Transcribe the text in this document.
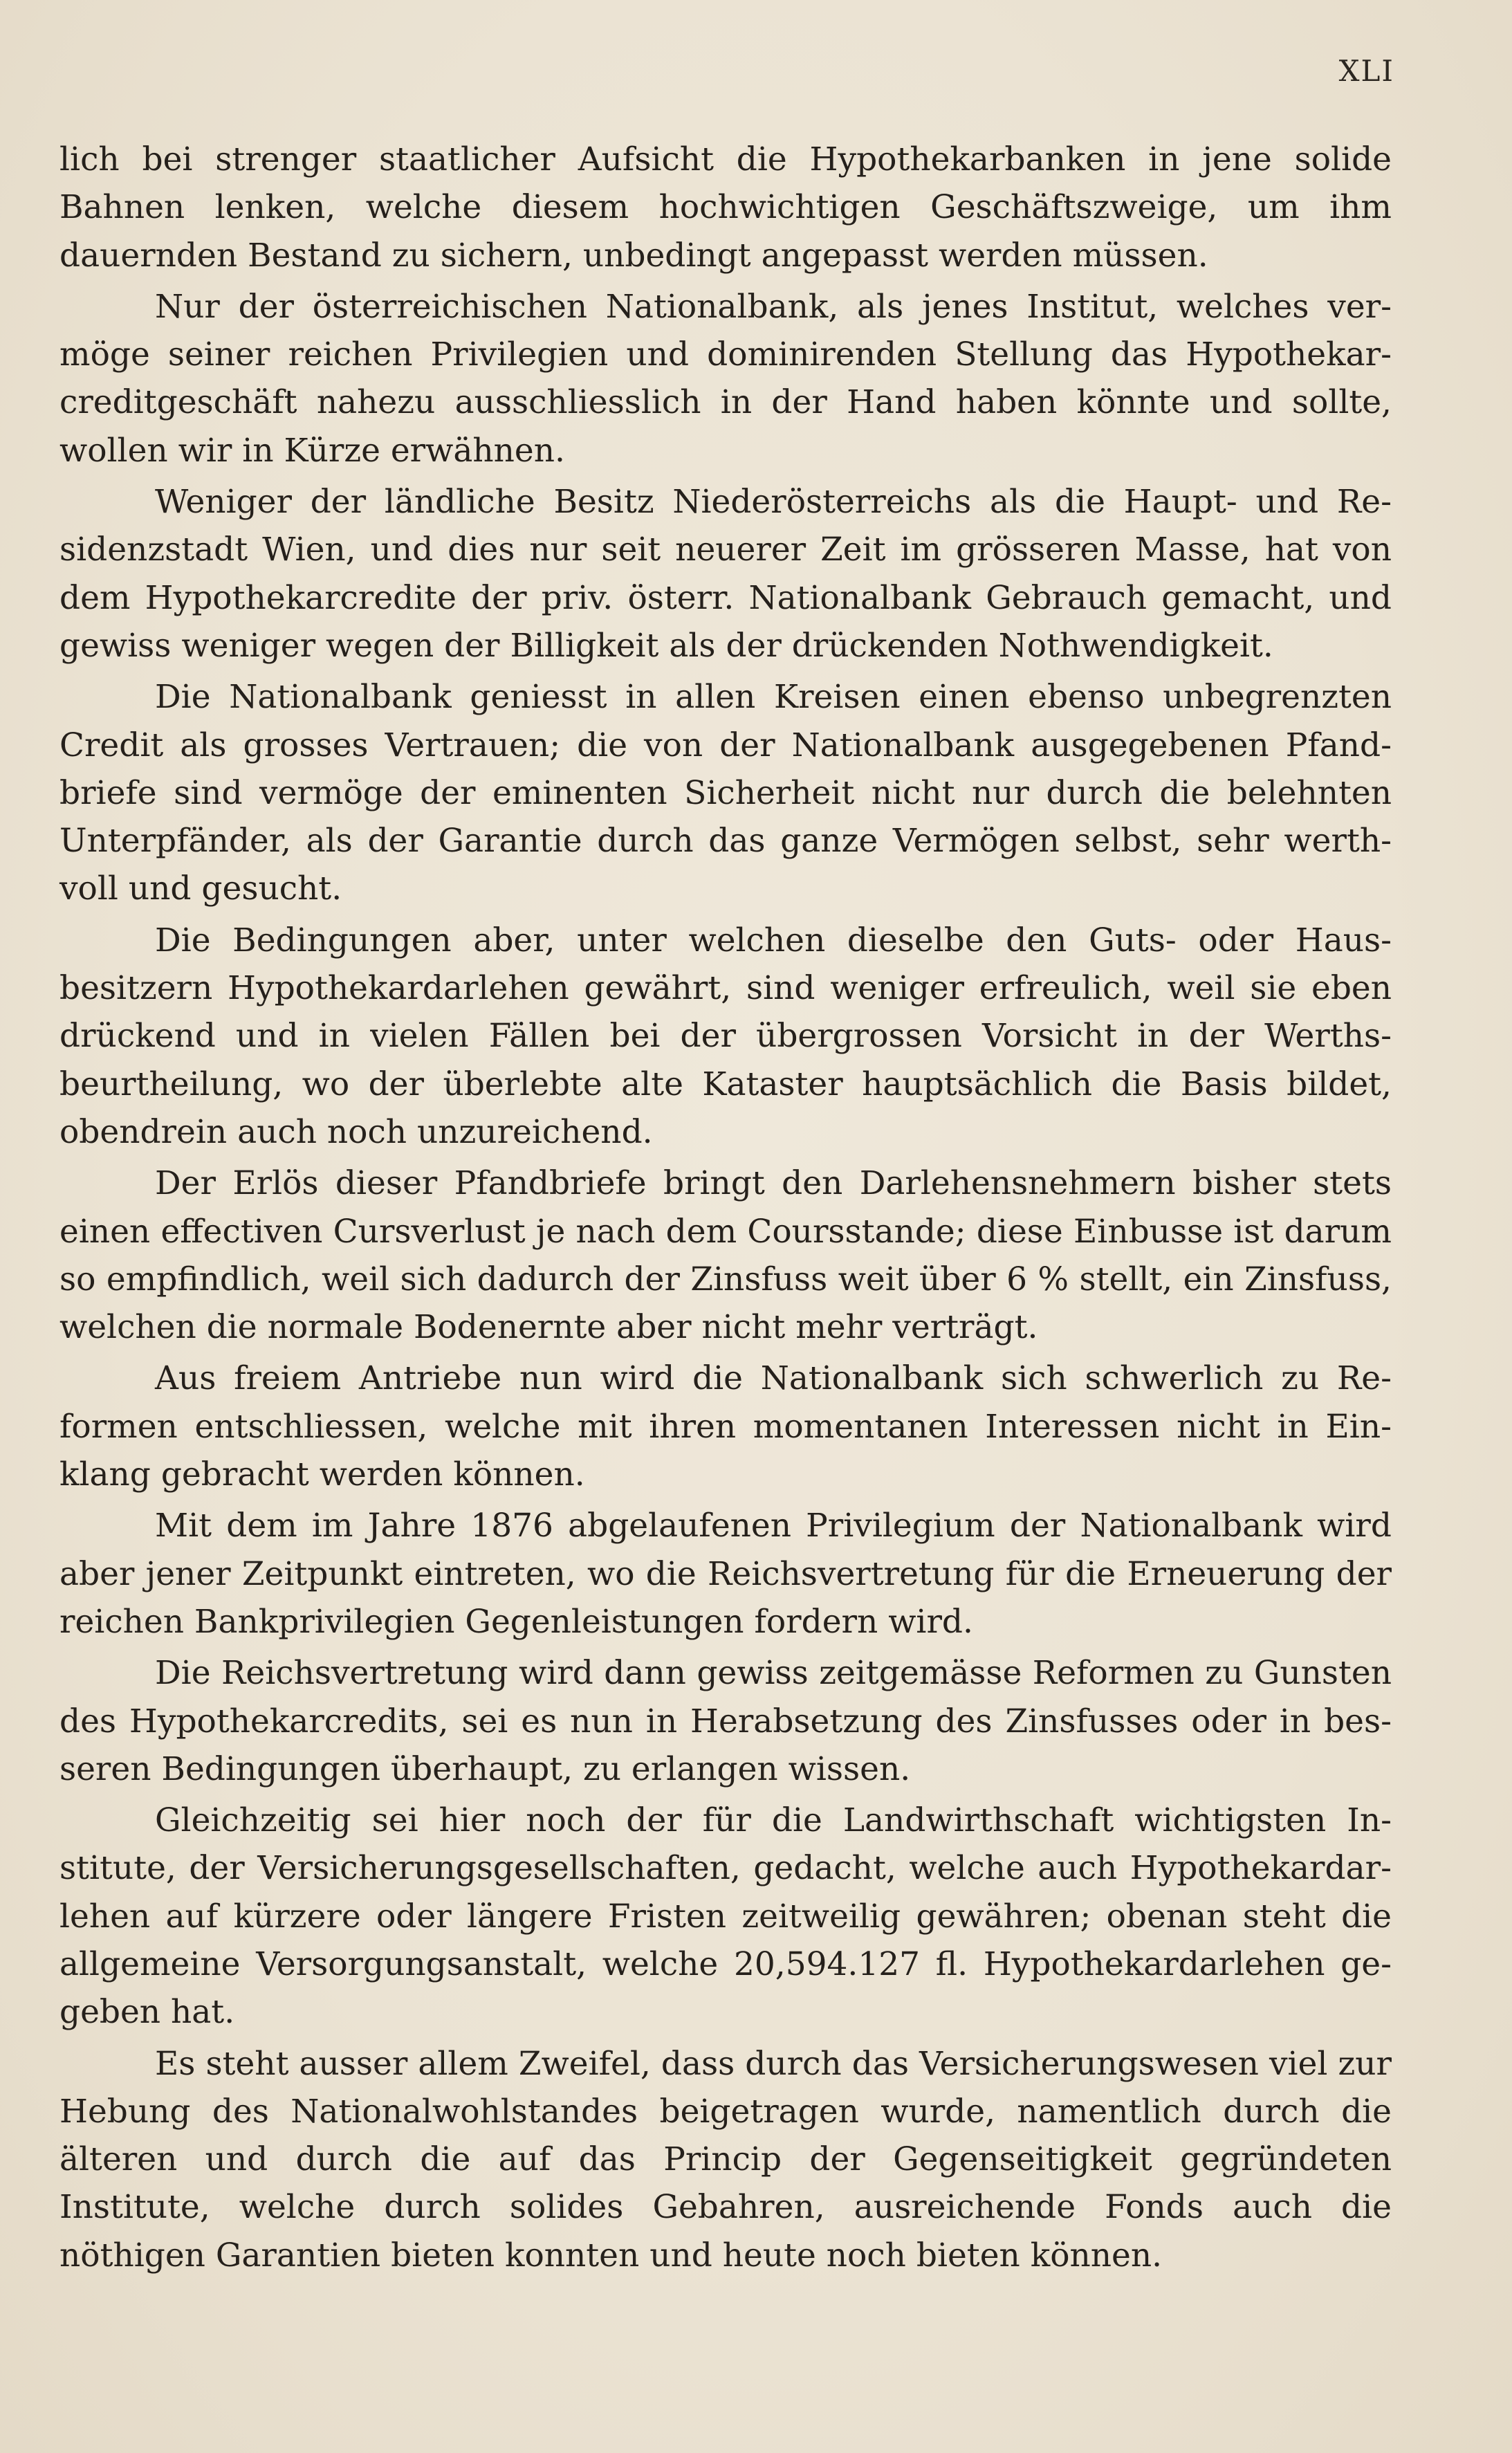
XLI

lich bei strenger staatlicher Aufsicht die Hypothekarbanken in jene solide Bahnen lenken, welche diesem hochwichtigen Geschäftszweige, um ihm dauernden Bestand zu sichern, unbedingt angepasst werden müssen.

Nur der österreichischen Nationalbank, als jenes Institut, welches vermöge seiner reichen Privilegien und dominirenden Stellung das Hypothekarcreditgeschäft nahezu ausschliesslich in der Hand haben könnte und sollte, wollen wir in Kürze erwähnen.

Weniger der ländliche Besitz Niederösterreichs als die Haupt- und Residenzstadt Wien, und dies nur seit neuerer Zeit im grösseren Masse, hat von dem Hypothekarcredite der priv. österr. Nationalbank Gebrauch gemacht, und gewiss weniger wegen der Billigkeit als der drückenden Nothwendigkeit.

Die Nationalbank geniesst in allen Kreisen einen ebenso unbegrenzten Credit als grosses Vertrauen; die von der Nationalbank ausgegebenen Pfandbriefe sind vermöge der eminenten Sicherheit nicht nur durch die belehnten Unterpfänder, als der Garantie durch das ganze Vermögen selbst, sehr werthvoll und gesucht.

Die Bedingungen aber, unter welchen dieselbe den Guts- oder Hausbesitzern Hypothekardarlehen gewährt, sind weniger erfreulich, weil sie eben drückend und in vielen Fällen bei der übergrossen Vorsicht in der Werthsbeurtheilung, wo der überlebte alte Kataster hauptsächlich die Basis bildet, obendrein auch noch unzureichend.

Der Erlös dieser Pfandbriefe bringt den Darlehensnehmern bisher stets einen effectiven Cursverlust je nach dem Coursstande; diese Einbusse ist darum so empfindlich, weil sich dadurch der Zinsfuss weit über 6 % stellt, ein Zinsfuss, welchen die normale Bodenernte aber nicht mehr verträgt.

Aus freiem Antriebe nun wird die Nationalbank sich schwerlich zu Reformen entschliessen, welche mit ihren momentanen Interessen nicht in Einklang gebracht werden können.

Mit dem im Jahre 1876 abgelaufenen Privilegium der Nationalbank wird aber jener Zeitpunkt eintreten, wo die Reichsvertretung für die Erneuerung der reichen Bankprivilegien Gegenleistungen fordern wird.

Die Reichsvertretung wird dann gewiss zeitgemässe Reformen zu Gunsten des Hypothekarcredits, sei es nun in Herabsetzung des Zinsfusses oder in besseren Bedingungen überhaupt, zu erlangen wissen.

Gleichzeitig sei hier noch der für die Landwirthschaft wichtigsten Institute, der Versicherungsgesellschaften, gedacht, welche auch Hypothekardarlehen auf kürzere oder längere Fristen zeitweilig gewähren; obenan steht die allgemeine Versorgungsanstalt, welche 20,594.127 fl. Hypothekardarlehen gegeben hat.

Es steht ausser allem Zweifel, dass durch das Versicherungswesen viel zur Hebung des Nationalwohlstandes beigetragen wurde, namentlich durch die älteren und durch die auf das Princip der Gegenseitigkeit gegründeten Institute, welche durch solides Gebahren, ausreichende Fonds auch die nöthigen Garantien bieten konnten und heute noch bieten können.
